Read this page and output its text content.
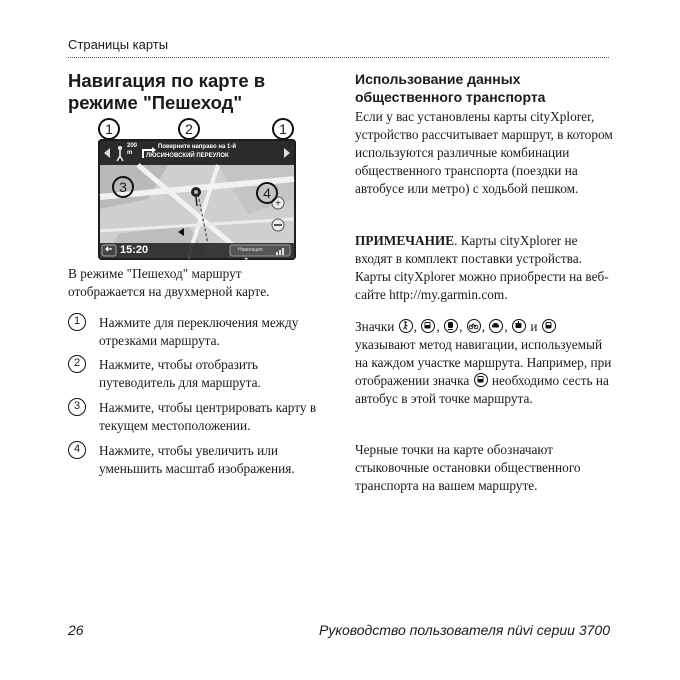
Страницы карты
Навигация по карте в режиме "Пешеход"
1	2	1
+
200
m
Поверните направо на 1-й
ЛЮСИНОВСКИЙ ПЕРЕУЛОК
15:20	Навигация
3	4
В режиме "Пешеход" маршрут отображается на двухмерной карте.
1	Нажмите для переключения между отрезками маршрута.
2	Нажмите, чтобы отобразить путеводитель для маршрута.
3	Нажмите, чтобы центрировать карту в текущем местоположении.
4	Нажмите, чтобы увеличить или уменьшить масштаб изображения.
Использование данных общественного транспорта
Если у вас установлены карты cityXplorer, устройство рассчитывает маршрут, в котором используются различные комбинации общественного транспорта (поездки на автобусе или метро) с ходьбой пешком.
ПРИМЕЧАНИЕ. Карты cityXplorer не входят в комплект поставки устройства. Карты cityXplorer можно приобрести на веб-сайте http://my.garmin.com.
Значки , , , , , и
указывают метод навигации, используемый на каждом участке маршрута. Например, при отображении значка необходимо сесть на автобус в этой точке маршрута.
Черные точки на карте обозначают стыковочные остановки общественного транспорта на вашем маршруте.
26	Руководство пользователя nüvi серии 3700
